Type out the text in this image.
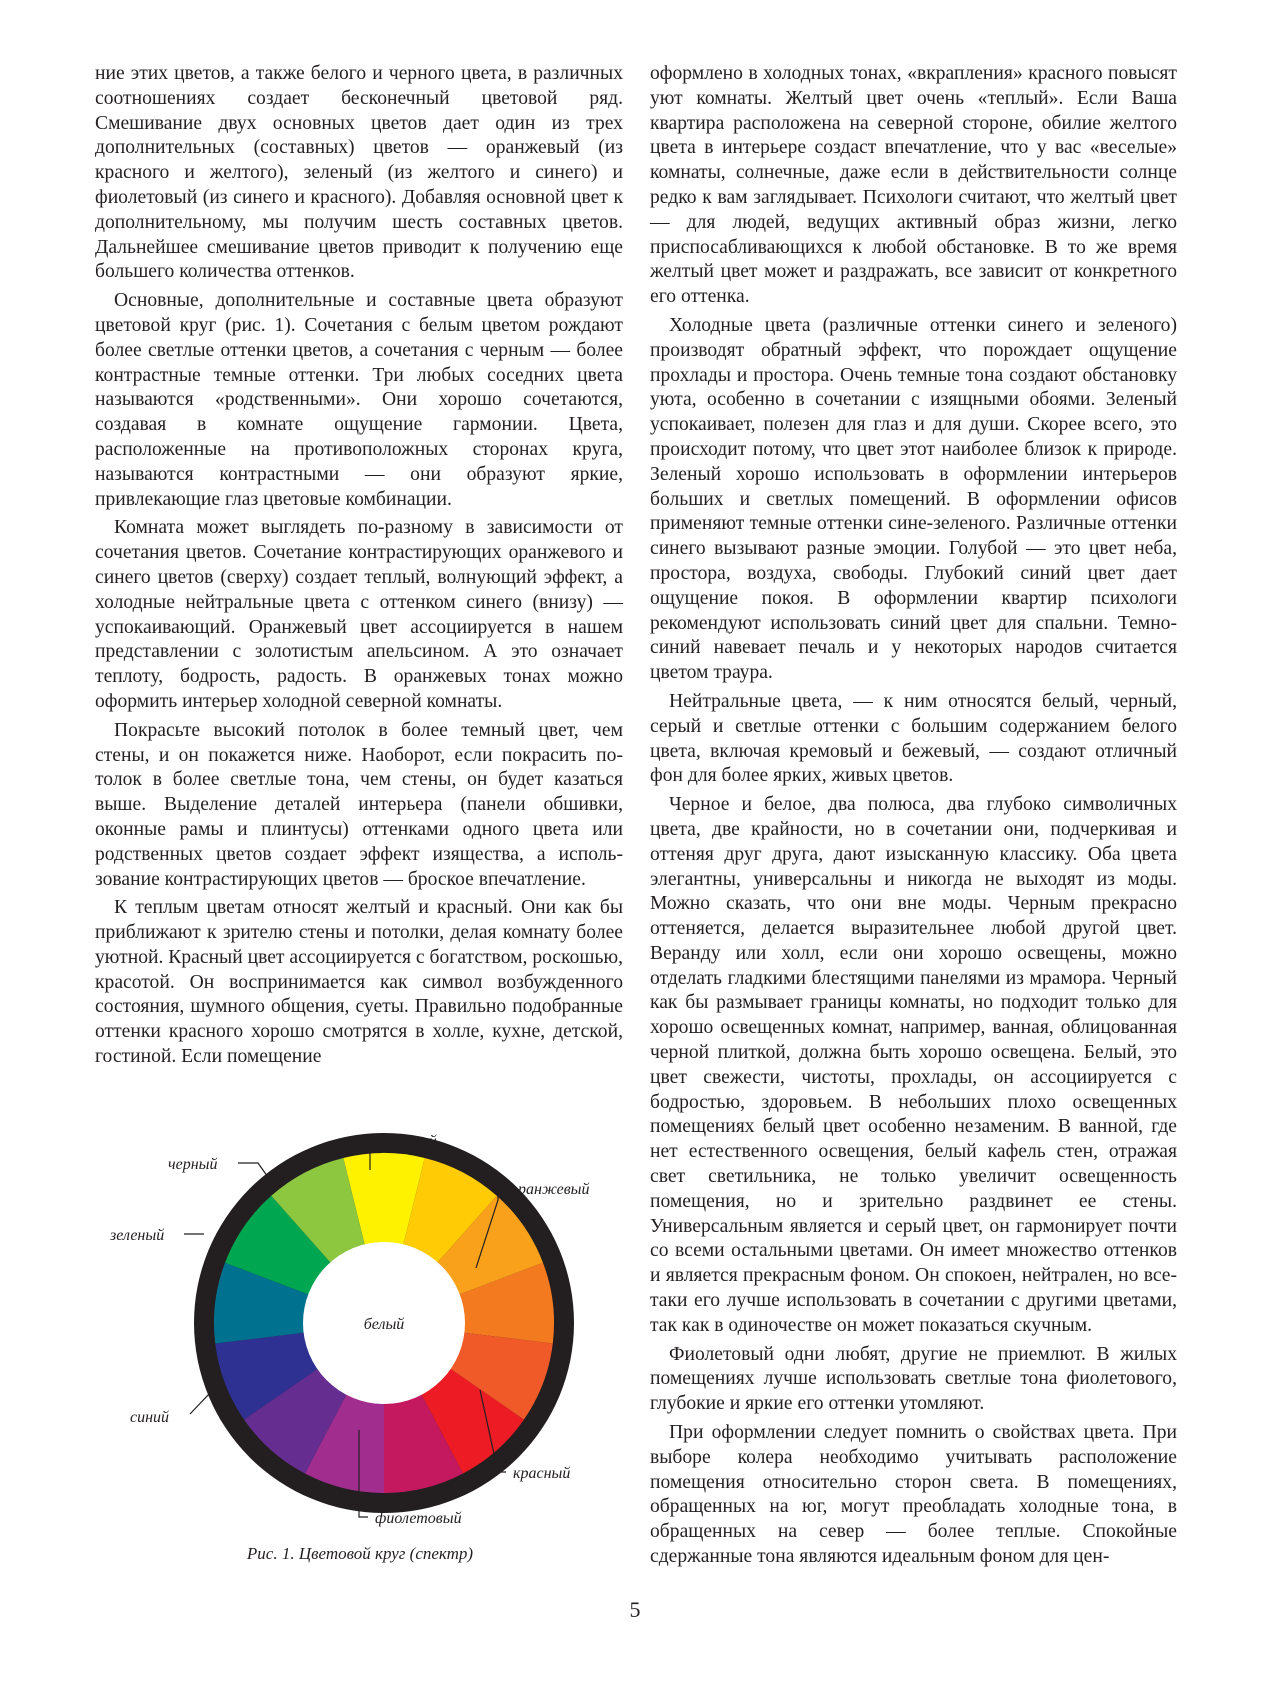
ние этих цветов, а также белого и черного цвета, в различных соотношениях создает бесконечный цветовой ряд. Смешивание двух основных цветов дает один из трех дополнительных (составных) цветов — оранжевый (из красного и желтого), зеленый (из желтого и синего) и фиолетовый (из синего и красного). Добавляя основной цвет к дополнительному, мы получим шесть составных цветов. Дальнейшее смешивание цветов приводит к получению еще большего количества оттенков.

Основные, дополнительные и составные цвета образуют цветовой круг (рис. 1). Сочетания с белым цветом рождают более светлые оттенки цветов, а сочетания с черным — более контрастные темные оттенки. Три любых соседних цвета называются «родственными». Они хорошо сочетаются, создавая в комнате ощущение гармонии. Цвета, расположенные на противоположных сторонах круга, называются контрастными — они образуют яркие, привлекающие глаз цветовые комбинации.

Комната может выглядеть по-разному в зависимости от сочетания цветов. Сочетание контрастирующих оранжевого и синего цветов (сверху) создает теплый, волнующий эффект, а холодные нейтральные цвета с оттенком синего (внизу) — успокаивающий. Оранжевый цвет ассоциируется в нашем представлении с золотистым апельсином. А это означает теплоту, бодрость, радость. В оранжевых тонах можно оформить интерьер холодной северной комнаты.

Покрасьте высокий потолок в более темный цвет, чем стены, и он покажется ниже. Наоборот, если покрасить потолок в более светлые тона, чем стены, он будет казаться выше. Выделение деталей интерьера (панели обшивки, оконные рамы и плинтусы) оттенками одного цвета или родственных цветов создает эффект изящества, а использование контрастирующих цветов — броское впечатление.

К теплым цветам относят желтый и красный. Они как бы приближают к зрителю стены и потолки, делая комнату более уютной. Красный цвет ассоциируется с богатством, роскошью, красотой. Он воспринимается как символ возбужденного состояния, шумного общения, суеты. Правильно подобранные оттенки красного хорошо смотрятся в холле, кухне, детской, гостиной. Если помещение

оформлено в холодных тонах, «вкрапления» красного повысят уют комнаты. Желтый цвет очень «теплый». Если Ваша квартира расположена на северной стороне, обилие желтого цвета в интерьере создаст впечатление, что у вас «веселые» комнаты, солнечные, даже если в действительности солнце редко к вам заглядывает. Психологи считают, что желтый цвет — для людей, ведущих активный образ жизни, легко приспосабливающихся к любой обстановке. В то же время желтый цвет может и раздражать, все зависит от конкретного его оттенка.

Холодные цвета (различные оттенки синего и зеленого) производят обратный эффект, что порождает ощущение прохлады и простора. Очень темные тона создают обстановку уюта, особенно в сочетании с изящными обоями. Зеленый успокаивает, полезен для глаз и для души. Скорее всего, это происходит потому, что цвет этот наиболее близок к природе. Зеленый хорошо использовать в оформлении интерьеров больших и светлых помещений. В оформлении офисов применяют темные оттенки сине-зеленого. Различные оттенки синего вызывают разные эмоции. Голубой — это цвет неба, простора, воздуха, свободы. Глубокий синий цвет дает ощущение покоя. В оформлении квартир психологи рекомендуют использовать синий цвет для спальни. Темно-синий навевает печаль и у некоторых народов считается цветом траура.

Нейтральные цвета, — к ним относятся белый, черный, серый и светлые оттенки с большим содержанием белого цвета, включая кремовый и бежевый, — создают отличный фон для более ярких, живых цветов.

Черное и белое, два полюса, два глубоко символичных цвета, две крайности, но в сочетании они, подчеркивая и оттеняя друг друга, дают изысканную классику. Оба цвета элегантны, универсальны и никогда не выходят из моды. Можно сказать, что они вне моды. Черным прекрасно оттеняется, делается выразительнее любой другой цвет. Веранду или холл, если они хорошо освещены, можно отделать гладкими блестящими панелями из мрамора. Черный как бы размывает границы комнаты, но подходит только для хорошо освещенных комнат, например, ванная, облицованная черной плиткой, должна быть хорошо освещена. Белый, это цвет свежести, чистоты, прохлады, он ассоциируется с бодростью, здоровьем. В небольших плохо освещенных помещениях белый цвет особенно незаменим. В ванной, где нет естественного освещения, белый кафель стен, отражая свет светильника, не только увеличит освещенность помещения, но и зрительно раздвинет ее стены. Универсальным является и серый цвет, он гармонирует почти со всеми остальными цветами. Он имеет множество оттенков и является прекрасным фоном. Он спокоен, нейтрален, но все-таки его лучше использовать в сочетании с другими цветами, так как в одиночестве он может показаться скучным.

Фиолетовый одни любят, другие не приемлют. В жилых помещениях лучше использовать светлые тона фиолетового, глубокие и яркие его оттенки утомляют.

При оформлении следует помнить о свойствах цвета. При выборе колера необходимо учитывать расположение помещения относительно сторон света. В помещениях, обращенных на юг, могут преобладать холодные тона, в обращенных на север — более теплые. Спокойные сдержанные тона являются идеальным фоном для цен-

белый
желтый
оранжевый
красный
фиолетовый
синий
зеленый
черный
Рис. 1. Цветовой круг (спектр)
5
